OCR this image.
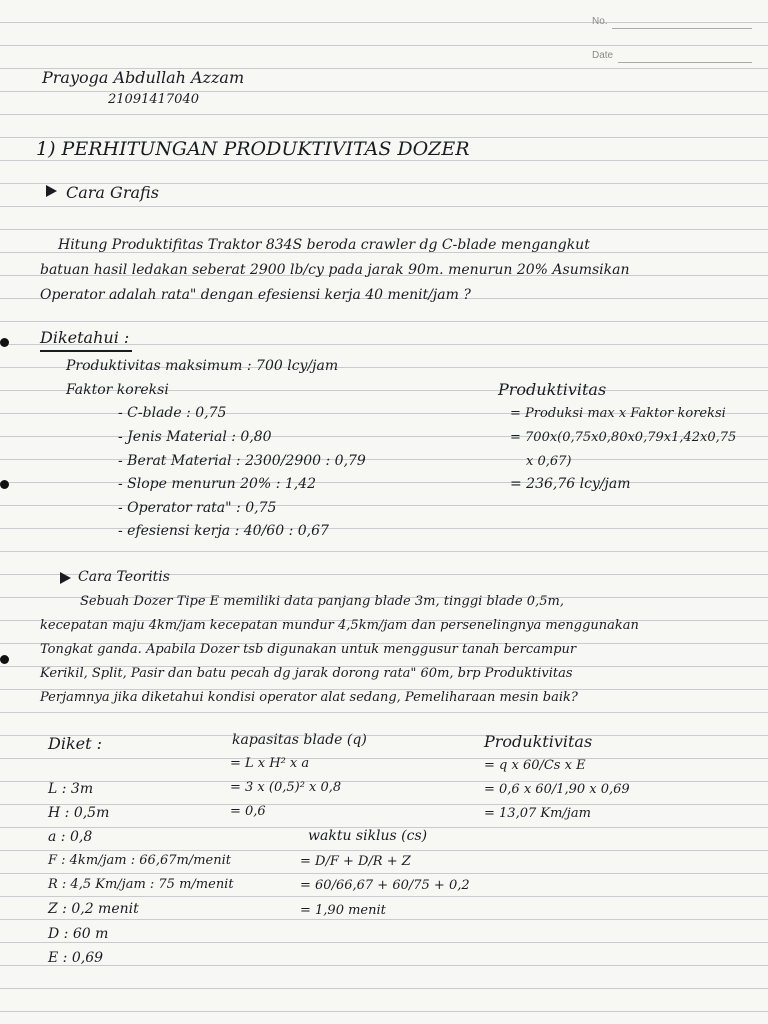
No.
Date
Prayoga Abdullah Azzam
21091417040
1) PERHITUNGAN PRODUKTIVITAS DOZER
Cara Grafis
Hitung Produktifitas Traktor 834S beroda crawler dg C-blade mengangkut
batuan hasil ledakan seberat 2900 lb/cy pada jarak 90m. menurun 20% Asumsikan
Operator adalah rata" dengan efesiensi kerja 40 menit/jam ?
Diketahui :
Produktivitas maksimum : 700 lcy/jam
Faktor koreksi
- C-blade : 0,75
- Jenis Material : 0,80
- Berat Material : 2300/2900 : 0,79
- Slope menurun 20% : 1,42
- Operator rata" : 0,75
- efesiensi kerja : 40/60 : 0,67
Produktivitas
= Produksi max x Faktor koreksi
= 700x(0,75x0,80x0,79x1,42x0,75
x 0,67)
= 236,76 lcy/jam
Cara Teoritis
Sebuah Dozer Tipe E memiliki data panjang blade 3m, tinggi blade 0,5m,
kecepatan maju 4km/jam kecepatan mundur 4,5km/jam dan persenelingnya menggunakan
Tongkat ganda. Apabila Dozer tsb digunakan untuk menggusur tanah bercampur
Kerikil, Split, Pasir dan batu pecah dg jarak dorong rata" 60m, brp Produktivitas
Perjamnya jika diketahui kondisi operator alat sedang, Pemeliharaan mesin baik?
Diket :
L : 3m
H : 0,5m
a : 0,8
F : 4km/jam : 66,67m/menit
R : 4,5 Km/jam : 75 m/menit
Z : 0,2 menit
D : 60 m
E : 0,69
kapasitas blade (q)
= L x H² x a
= 3 x (0,5)² x 0,8
= 0,6
waktu siklus (cs)
= D/F + D/R + Z
= 60/66,67 + 60/75 + 0,2
= 1,90 menit
Produktivitas
= q x 60/Cs x E
= 0,6 x 60/1,90 x 0,69
= 13,07 Km/jam
